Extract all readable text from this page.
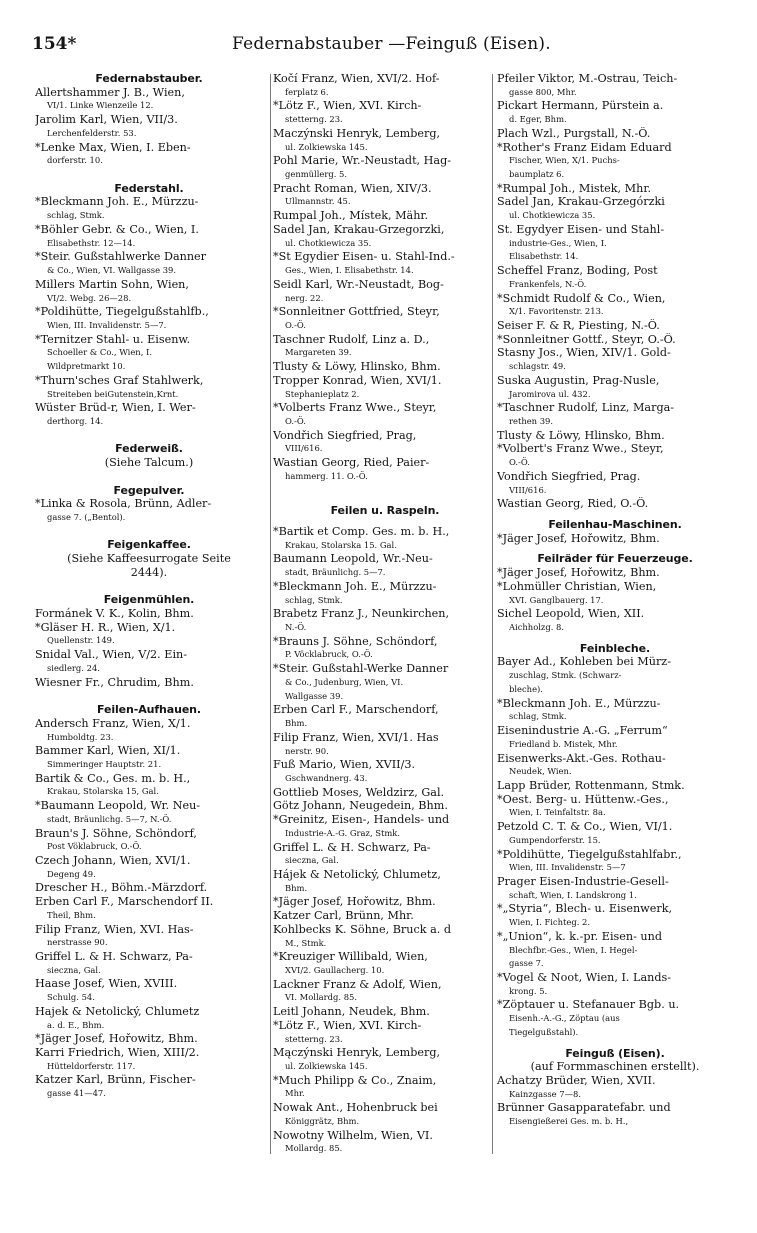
154*	Federnabstauber —Feinguß (Eisen).
Federnabstauber.
Allertshammer J. B., Wien,
VI/1. Linke Wienzeile 12.
Jarolim Karl, Wien, VII/3.
Lerchenfelderstr. 53.
*Lenke Max, Wien, I. Eben-
dorferstr. 10.
Federstahl.
*Bleckmann Joh. E., Mürzzu-
schlag, Stmk.
*Böhler Gebr. & Co., Wien, I.
Elisabethstr. 12—14.
*Steir. Gußstahlwerke Danner
& Co., Wien, VI. Wallgasse 39.
Millers Martin Sohn, Wien,
VI/2. Webg. 26—28.
*Poldihütte, Tiegelgußstahlfb.,
Wien, III. Invalidenstr. 5—7.
*Ternitzer Stahl- u. Eisenw.
Schoeller & Co., Wien, I.
Wildpretmarkt 10.
*Thurn'sches Graf Stahlwerk,
Streiteben beiGutenstein,Krnt.
Wüster Brüd-r, Wien, I. Wer-
derthorg. 14.
Federweiß.
(Siehe Talcum.)
Fegepulver.
*Linka & Rosola, Brünn, Adler-
gasse 7. („Bentol).
Feigenkaffee.
(Siehe Kaffeesurrogate Seite
2444).
Feigenmühlen.
Formánek V. K., Kolin, Bhm.
*Gläser H. R., Wien, X/1.
Quellenstr. 149.
Snidal Val., Wien, V/2. Ein-
siedlerg. 24.
Wiesner Fr., Chrudim, Bhm.
Feilen-Aufhauen.
Andersch Franz, Wien, X/1.
Humboldtg. 23.
Bammer Karl, Wien, XI/1.
Simmeringer Hauptstr. 21.
Bartik & Co., Ges. m. b. H.,
Krakau, Stolarska 15, Gal.
*Baumann Leopold, Wr. Neu-
stadt, Bräunlichg. 5—7, N.-Ö.
Braun's J. Söhne, Schöndorf,
Post Vöklabruck, O.-Ö.
Czech Johann, Wien, XVI/1.
Degeng 49.
Drescher H., Böhm.-Märzdorf.
Erben Carl F., Marschendorf II.
Theil, Bhm.
Filip Franz, Wien, XVI. Has-
nerstrasse 90.
Griffel L. & H. Schwarz, Pa-
sieczna, Gal.
Haase Josef, Wien, XVIII.
Schulg. 54.
Hajek & Netolický, Chlumetz
a. d. E., Bhm.
*Jäger Josef, Hořowitz, Bhm.
Karri Friedrich, Wien, XIII/2.
Hütteldorferstr. 117.
Katzer Karl, Brünn, Fischer-
gasse 41—47.
Kočí Franz, Wien, XVI/2. Hof-
ferplatz 6.
*Lötz F., Wien, XVI. Kirch-
stetterng. 23.
Maczýnski Henryk, Lemberg,
ul. Zolkiewska 145.
Pohl Marie, Wr.-Neustadt, Hag-
genmüllerg. 5.
Pracht Roman, Wien, XIV/3.
Ullmannstr. 45.
Rumpal Joh., Místek, Mähr.
Sadel Jan, Krakau-Grzegorzki,
ul. Chotkiewicza 35.
*St Egydier Eisen- u. Stahl-Ind.-
Ges., Wien, I. Elisabethstr. 14.
Seidl Karl, Wr.-Neustadt, Bog-
nerg. 22.
*Sonnleitner Gottfried, Steyr,
O.-Ö.
Taschner Rudolf, Linz a. D.,
Margareten 39.
Tlusty & Löwy, Hlinsko, Bhm.
Tropper Konrad, Wien, XVI/1.
Stephanieplatz 2.
*Volberts Franz Wwe., Steyr,
O.-Ö.
Vondřich Siegfried, Prag,
VIII/616.
Wastian Georg, Ried, Paier-
hammerg. 11. O.-Ö.
Feilen u. Raspeln.
*Bartik et Comp. Ges. m. b. H.,
Krakau, Stolarska 15. Gal.
Baumann Leopold, Wr.-Neu-
stadt, Bräunlichg. 5—7.
*Bleckmann Joh. E., Mürzzu-
schlag, Stmk.
Brabetz Franz J., Neunkirchen,
N.-Ö.
*Brauns J. Söhne, Schöndorf,
P. Vöcklabruck, O.-Ö.
*Steir. Gußstahl-Werke Danner
& Co., Judenburg, Wien, VI.
Wallgasse 39.
Erben Carl F., Marschendorf,
Bhm.
Filip Franz, Wien, XVI/1. Has
nerstr. 90.
Fuß Mario, Wien, XVII/3.
Gschwandnerg. 43.
Gottlieb Moses, Weldzirz, Gal.
Götz Johann, Neugedein, Bhm.
*Greinitz, Eisen-, Handels- und
Industrie-A.-G. Graz, Stmk.
Griffel L. & H. Schwarz, Pa-
sieczna, Gal.
Hájek & Netolický, Chlumetz,
Bhm.
*Jäger Josef, Hořowitz, Bhm.
Katzer Carl, Brünn, Mhr.
Kohlbecks K. Söhne, Bruck a. d
M., Stmk.
*Kreuziger Willibald, Wien,
XVI/2. Gaullacherg. 10.
Lackner Franz & Adolf, Wien,
VI. Mollardg. 85.
Leitl Johann, Neudek, Bhm.
*Lötz F., Wien, XVI. Kirch-
stetterng. 23.
Mączýnski Henryk, Lemberg,
ul. Zolkiewska 145.
*Much Philipp & Co., Znaim,
Mhr.
Nowak Ant., Hohenbruck bei
Königgrätz, Bhm.
Nowotny Wilhelm, Wien, VI.
Mollardg. 85.
Pfeiler Viktor, M.-Ostrau, Teich-
gasse 800, Mhr.
Pickart Hermann, Pürstein a.
d. Eger, Bhm.
Plach Wzl., Purgstall, N.-Ö.
*Rother's Franz Eidam Eduard
Fischer, Wien, X/1. Puchs-
baumplatz 6.
*Rumpal Joh., Mistek, Mhr.
Sadel Jan, Krakau-Grzegórzki
ul. Chotkiewicza 35.
St. Egydyer Eisen- und Stahl-
industrie-Ges., Wien, I.
Elisabethstr. 14.
Scheffel Franz, Boding, Post
Frankenfels, N.-Ö.
*Schmidt Rudolf & Co., Wien,
X/1. Favoritenstr. 213.
Seiser F. & R, Piesting, N.-Ö.
*Sonnleitner Gottf., Steyr, O.-Ö.
Stasny Jos., Wien, XIV/1. Gold-
schlagstr. 49.
Suska Augustin, Prag-Nusle,
Jaromirova ul. 432.
*Taschner Rudolf, Linz, Marga-
rethen 39.
Tlusty & Löwy, Hlinsko, Bhm.
*Volbert's Franz Wwe., Steyr,
O.-Ö.
Vondřich Siegfried, Prag.
VIII/616.
Wastian Georg, Ried, O.-Ö.
Feilenhau-Maschinen.
*Jäger Josef, Hořowitz, Bhm.
Feilräder für Feuerzeuge.
*Jäger Josef, Hořowitz, Bhm.
*Lohmüller Christian, Wien,
XVI. Ganglbauerg. 17.
Sichel Leopold, Wien, XII.
Aichholzg. 8.
Feinbleche.
Bayer Ad., Kohleben bei Mürz-
zuschlag, Stmk. (Schwarz-
bleche).
*Bleckmann Joh. E., Mürzzu-
schlag, Stmk.
Eisenindustrie A.-G. „Ferrum“
Friedland b. Mistek, Mhr.
Eisenwerks-Akt.-Ges. Rothau-
Neudek, Wien.
Lapp Brüder, Rottenmann, Stmk.
*Oest. Berg- u. Hüttenw.-Ges.,
Wien, I. Teinfaltstr. 8a.
Petzold C. T. & Co., Wien, VI/1.
Gumpendorferstr. 15.
*Poldihütte, Tiegelgußstahlfabr.,
Wien, III. Invalidenstr. 5—7
Prager Eisen-Industrie-Gesell-
schaft, Wien, I. Landskrong 1.
*„Styria“, Blech- u. Eisenwerk,
Wien, I. Fichteg. 2.
*„Union“, k. k.-pr. Eisen- und
Blechfbr.-Ges., Wien, I. Hegel-
gasse 7.
*Vogel & Noot, Wien, I. Lands-
krong. 5.
*Zöptauer u. Stefanauer Bgb. u.
Eisenh.-A.-G., Zöptau (aus
Tiegelgußstahl).
Feinguß (Eisen).
(auf Formmaschinen erstellt).
Achatzy Brüder, Wien, XVII.
Kainzgasse 7—8.
Brünner Gasapparatefabr. und
Eisengießerei Ges. m. b. H.,
